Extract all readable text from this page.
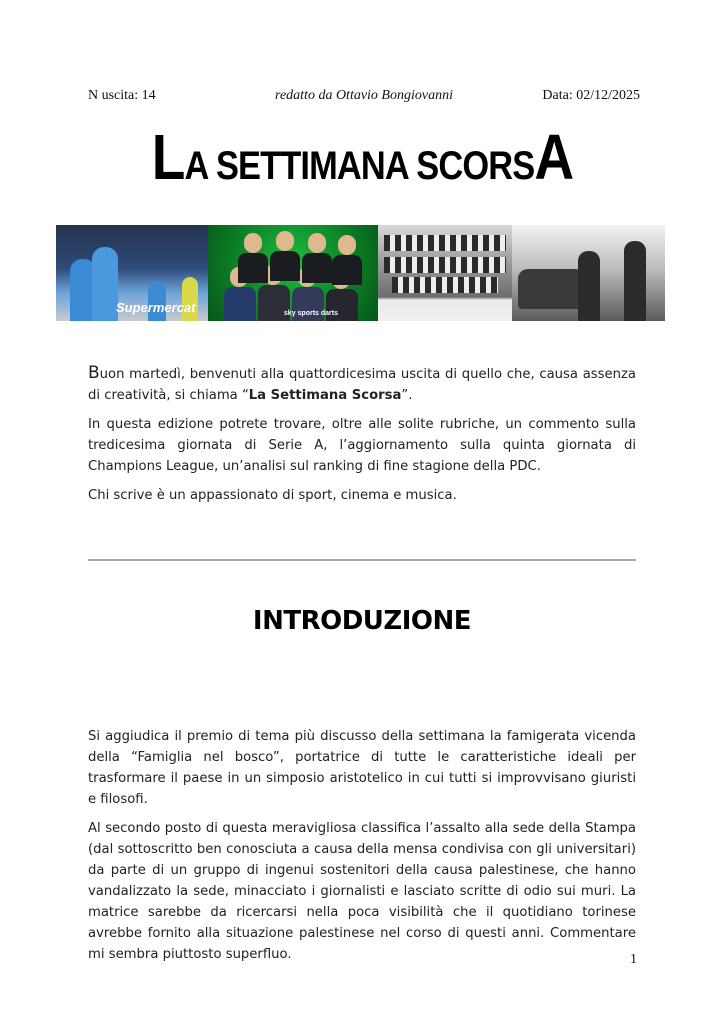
N uscita: 14	redatto da Ottavio Bongiovanni	Data: 02/12/2025
LA SETTIMANA SCORSA
Supermercat	sky sports darts

Buon martedì, benvenuti alla quattordicesima uscita di quello che, causa assenza di creatività, si chiama “La Settimana Scorsa”.

In questa edizione potrete trovare, oltre alle solite rubriche, un commento sulla tredicesima giornata di Serie A, l’aggiornamento sulla quinta giornata di Champions League, un’analisi sul ranking di fine stagione della PDC.

Chi scrive è un appassionato di sport, cinema e musica.

INTRODUZIONE

Si aggiudica il premio di tema più discusso della settimana la famigerata vicenda della “Famiglia nel bosco”, portatrice di tutte le caratteristiche ideali per trasformare il paese in un simposio aristotelico in cui tutti si improvvisano giuristi e filosofi.

Al secondo posto di questa meravigliosa classifica l’assalto alla sede della Stampa (dal sottoscritto ben conosciuta a causa della mensa condivisa con gli universitari) da parte di un gruppo di ingenui sostenitori della causa palestinese, che hanno vandalizzato la sede, minacciato i giornalisti e lasciato scritte di odio sui muri. La matrice sarebbe da ricercarsi nella poca visibilità che il quotidiano torinese avrebbe fornito alla situazione palestinese nel corso di questi anni. Commentare mi sembra piuttosto superfluo.	1
